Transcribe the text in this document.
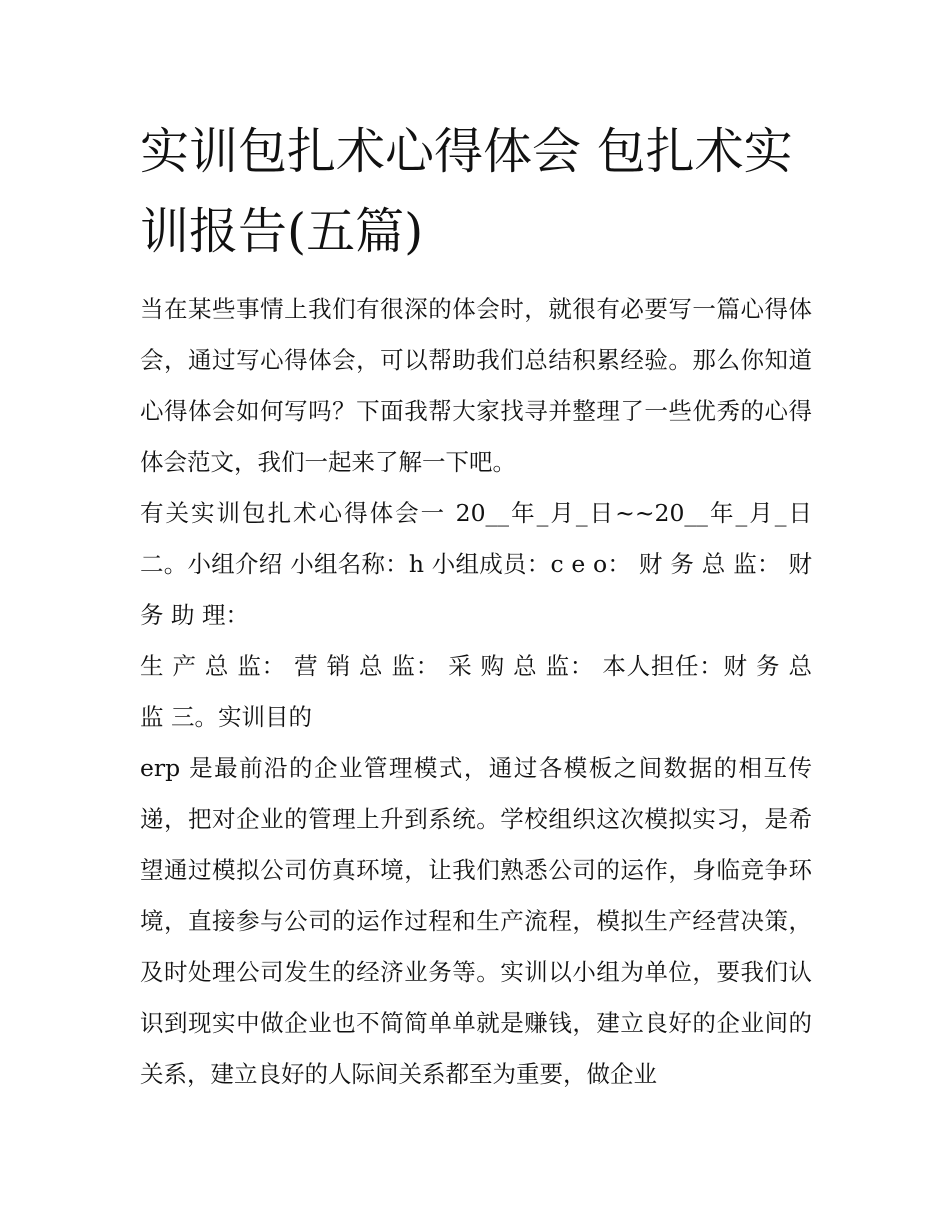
实训包扎术心得体会 包扎术实训报告(五篇)

当在某些事情上我们有很深的体会时，就很有必要写一篇心得体会，通过写心得体会，可以帮助我们总结积累经验。那么你知道心得体会如何写吗？下面我帮大家找寻并整理了一些优秀的心得体会范文，我们一起来了解一下吧。

有关实训包扎术心得体会一 20__年_月_日~~20__年_月_日 二。小组介绍 小组名称：h 小组成员：c e o： 财 务 总 监： 财 务 助 理：

生 产 总 监： 营 销 总 监： 采 购 总 监： 本人担任：财 务 总 监 三。实训目的

erp 是最前沿的企业管理模式，通过各模板之间数据的相互传递，把对企业的管理上升到系统。学校组织这次模拟实习，是希望通过模拟公司仿真环境，让我们熟悉公司的运作，身临竞争环境，直接参与公司的运作过程和生产流程，模拟生产经营决策，及时处理公司发生的经济业务等。实训以小组为单位，要我们认识到现实中做企业也不简简单单就是赚钱，建立良好的企业间的关系，建立良好的人际间关系都至为重要，做企业
